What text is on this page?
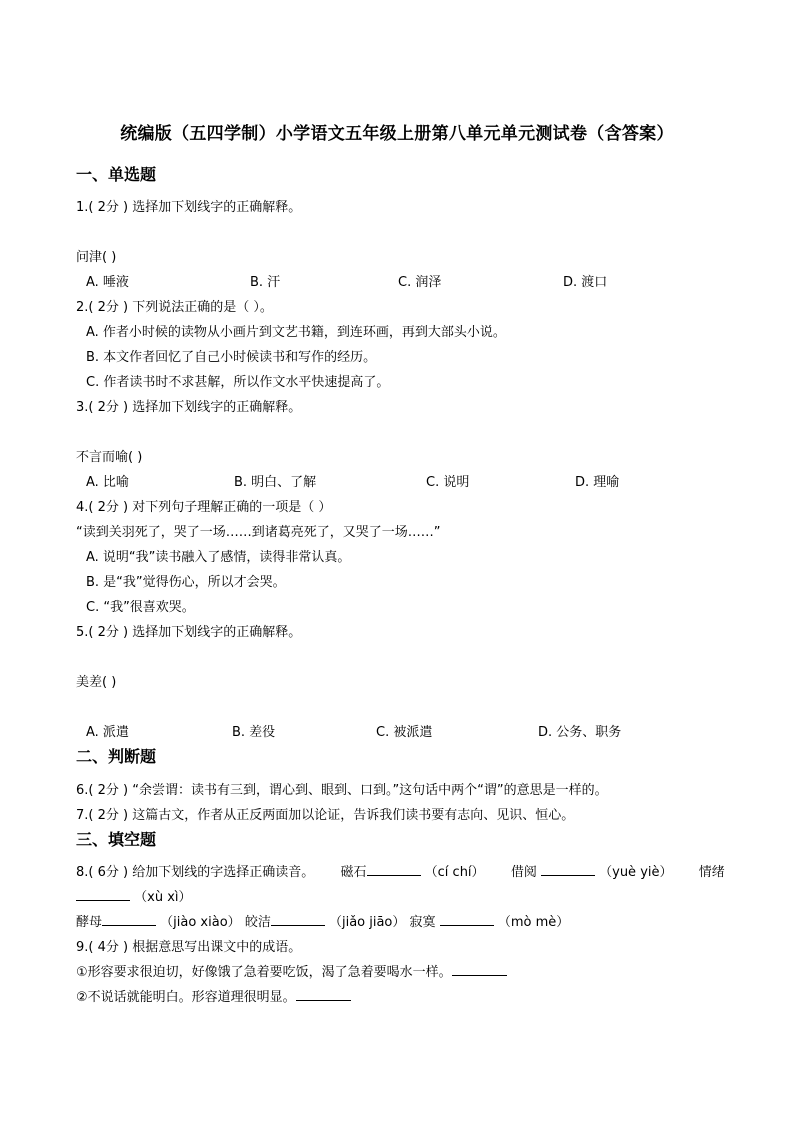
统编版（五四学制）小学语文五年级上册第八单元单元测试卷（含答案）
一、单选题
1.( 2分 ) 选择加下划线字的正确解释。
问津( )
A. 唾液	B. 汗	C. 润泽	D. 渡口
2.( 2分 ) 下列说法正确的是（ ）。
A. 作者小时候的读物从小画片到文艺书籍，到连环画，再到大部头小说。
B. 本文作者回忆了自己小时候读书和写作的经历。
C. 作者读书时不求甚解，所以作文水平快速提高了。
3.( 2分 ) 选择加下划线字的正确解释。
不言而喻( )
A. 比喻	B. 明白、了解	C. 说明	D. 理喻
4.( 2分 ) 对下列句子理解正确的一项是（ ）
“读到关羽死了，哭了一场……到诸葛亮死了，又哭了一场……”
A. 说明“我”读书融入了感情，读得非常认真。
B. 是“我”觉得伤心，所以才会哭。
C. “我”很喜欢哭。
5.( 2分 ) 选择加下划线字的正确解释。
美差( )
A. 派遣	B. 差役	C. 被派遣	D. 公务、职务
二、判断题
6.( 2分 ) “余尝谓：读书有三到，谓心到、眼到、口到。”这句话中两个“谓”的意思是一样的。
7.( 2分 ) 这篇古文，作者从正反两面加以论证，告诉我们读书要有志向、见识、恒心。
三、填空题
8.( 6分 ) 给加下划线的字选择正确读音。 磁石	（cí chí） 借阅	（yuè yiè） 情绪
（xù xì）
酵母	（jiào xiào） 皎洁	（jiǎo jiāo） 寂寞	（mò mè）
9.( 4分 ) 根据意思写出课文中的成语。
①形容要求很迫切，好像饿了急着要吃饭，渴了急着要喝水一样。
②不说话就能明白。形容道理很明显。
